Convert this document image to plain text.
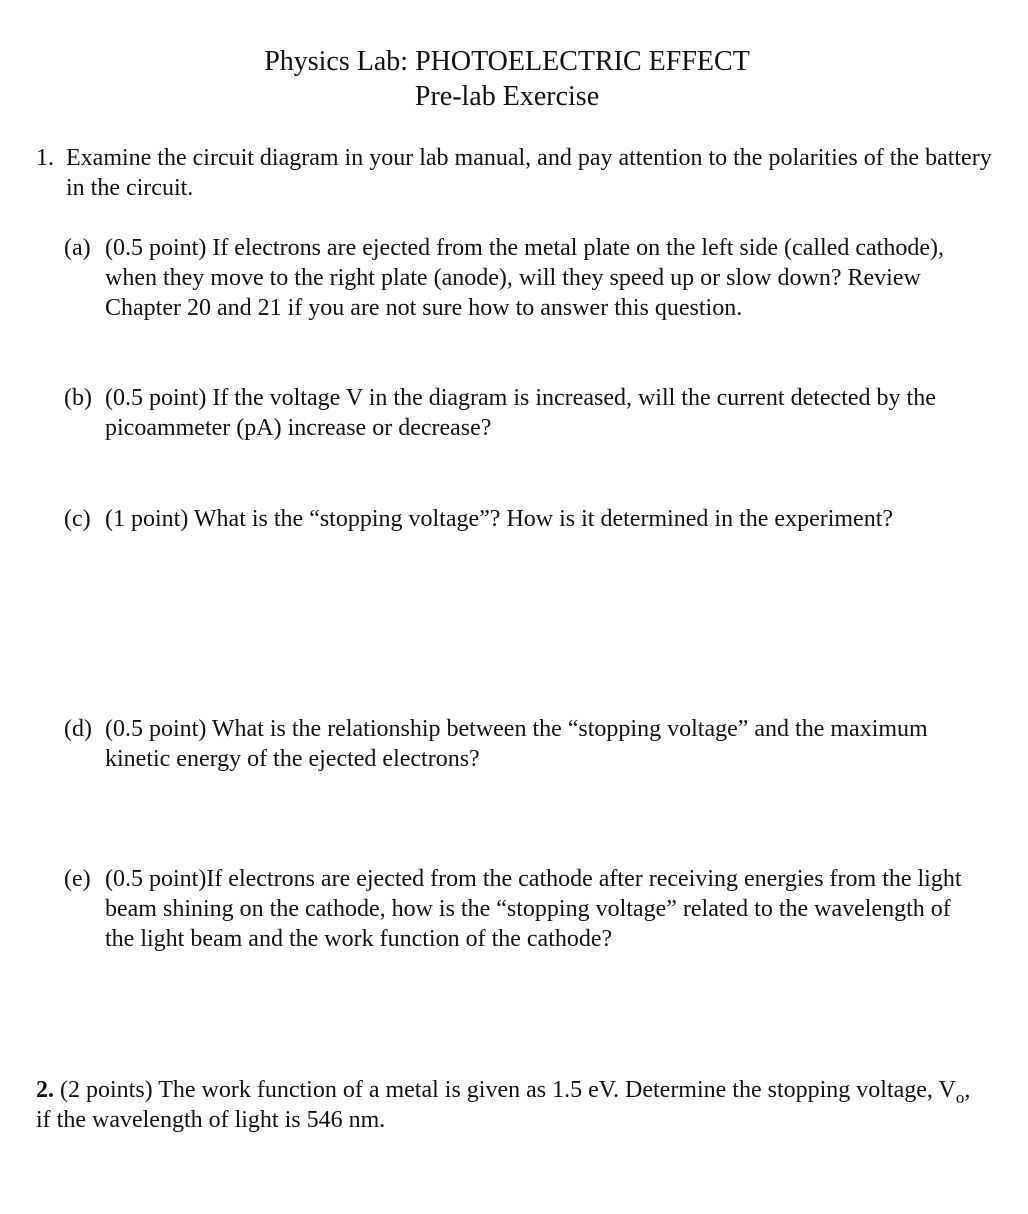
Physics Lab: PHOTOELECTRIC EFFECT
Pre-lab Exercise
1. Examine the circuit diagram in your lab manual, and pay attention to the polarities of the battery in the circuit.
(a) (0.5 point) If electrons are ejected from the metal plate on the left side (called cathode), when they move to the right plate (anode), will they speed up or slow down? Review Chapter 20 and 21 if you are not sure how to answer this question.
(b) (0.5 point) If the voltage V in the diagram is increased, will the current detected by the picoammeter (pA) increase or decrease?
(c) (1 point) What is the “stopping voltage”? How is it determined in the experiment?
(d) (0.5 point) What is the relationship between the “stopping voltage” and the maximum kinetic energy of the ejected electrons?
(e) (0.5 point)If electrons are ejected from the cathode after receiving energies from the light beam shining on the cathode, how is the “stopping voltage” related to the wavelength of the light beam and the work function of the cathode?
2. (2 points) The work function of a metal is given as 1.5 eV. Determine the stopping voltage, $V_o$, if the wavelength of light is 546 nm.
